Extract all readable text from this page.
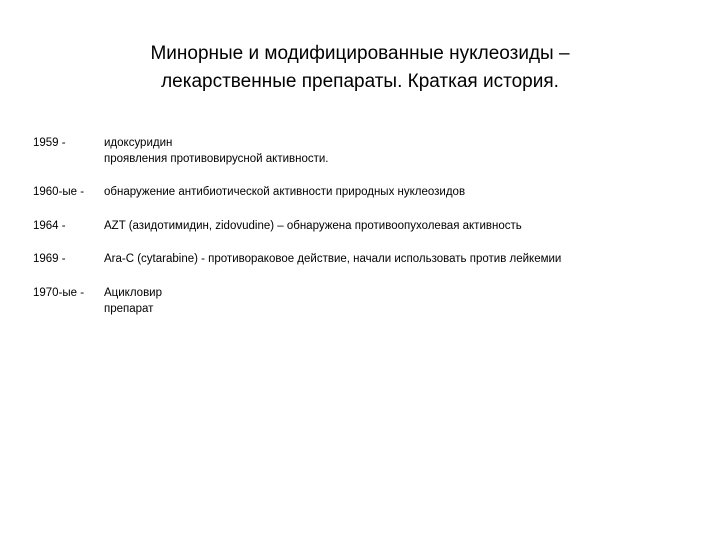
Минорные и модифицированные нуклеозиды –
лекарственные препараты. Краткая история.
1959 -	идоксуридин
проявления противовирусной активности.
1960-ые - обнаружение антибиотической активности природных нуклеозидов
1964 -	AZT (азидотимидин, zidovudine) – обнаружена противоопухолевая активность
1969 -	Ara-C (cytarabine) - противораковое действие, начали использовать против лейкемии
1970-ые - Ацикловир
препарат
